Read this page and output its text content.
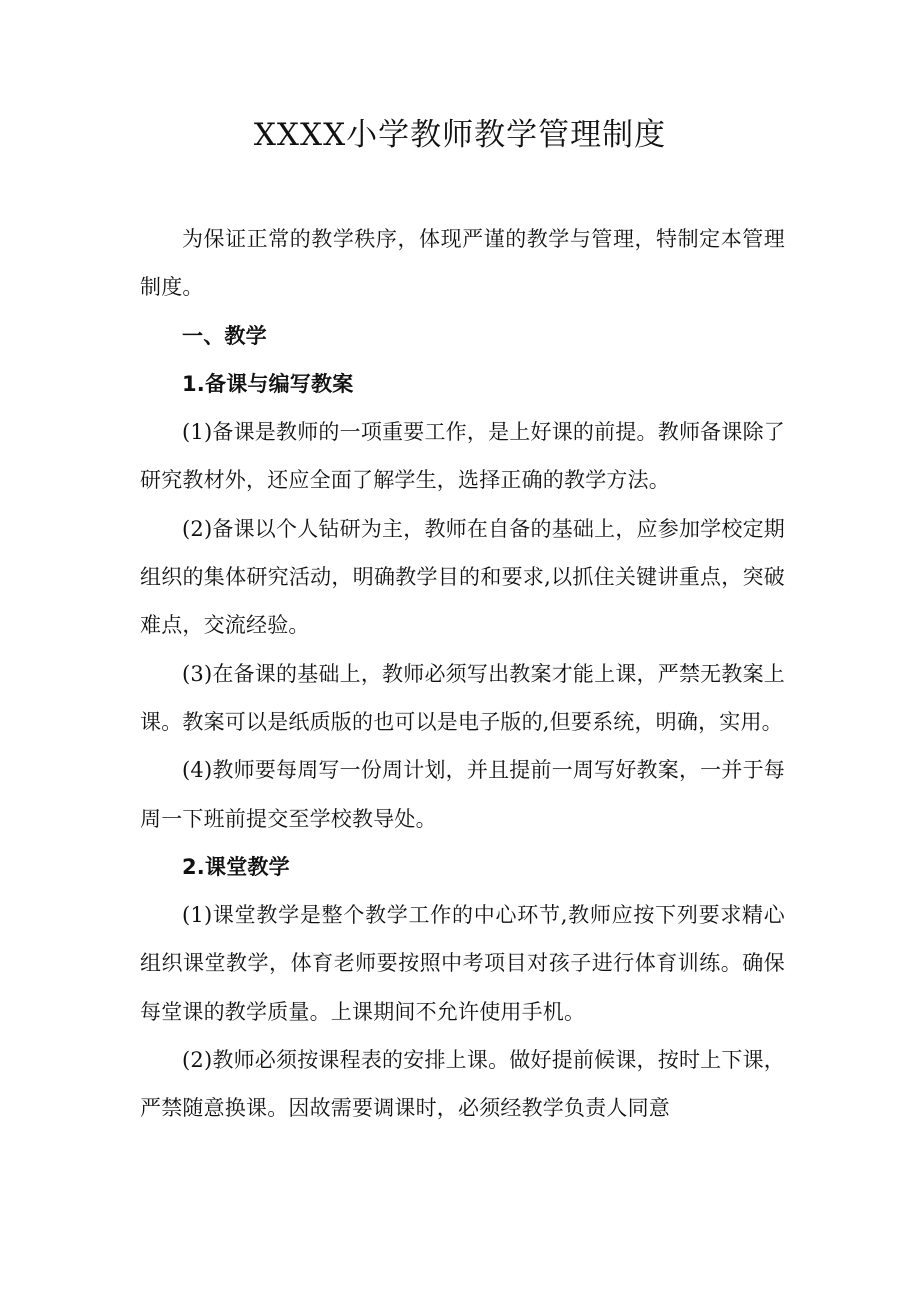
XXXX小学教师教学管理制度

为保证正常的教学秩序，体现严谨的教学与管理，特制定本管理制度。

一、教学

1.备课与编写教案

(1)备课是教师的一项重要工作，是上好课的前提。教师备课除了研究教材外，还应全面了解学生，选择正确的教学方法。

(2)备课以个人钻研为主，教师在自备的基础上，应参加学校定期组织的集体研究活动，明确教学目的和要求,以抓住关键讲重点，突破难点，交流经验。

(3)在备课的基础上，教师必须写出教案才能上课，严禁无教案上课。教案可以是纸质版的也可以是电子版的,但要系统，明确，实用。

(4)教师要每周写一份周计划，并且提前一周写好教案，一并于每周一下班前提交至学校教导处。

2.课堂教学

(1)课堂教学是整个教学工作的中心环节,教师应按下列要求精心组织课堂教学，体育老师要按照中考项目对孩子进行体育训练。确保每堂课的教学质量。上课期间不允许使用手机。

(2)教师必须按课程表的安排上课。做好提前候课，按时上下课，严禁随意换课。因故需要调课时，必须经教学负责人同意
